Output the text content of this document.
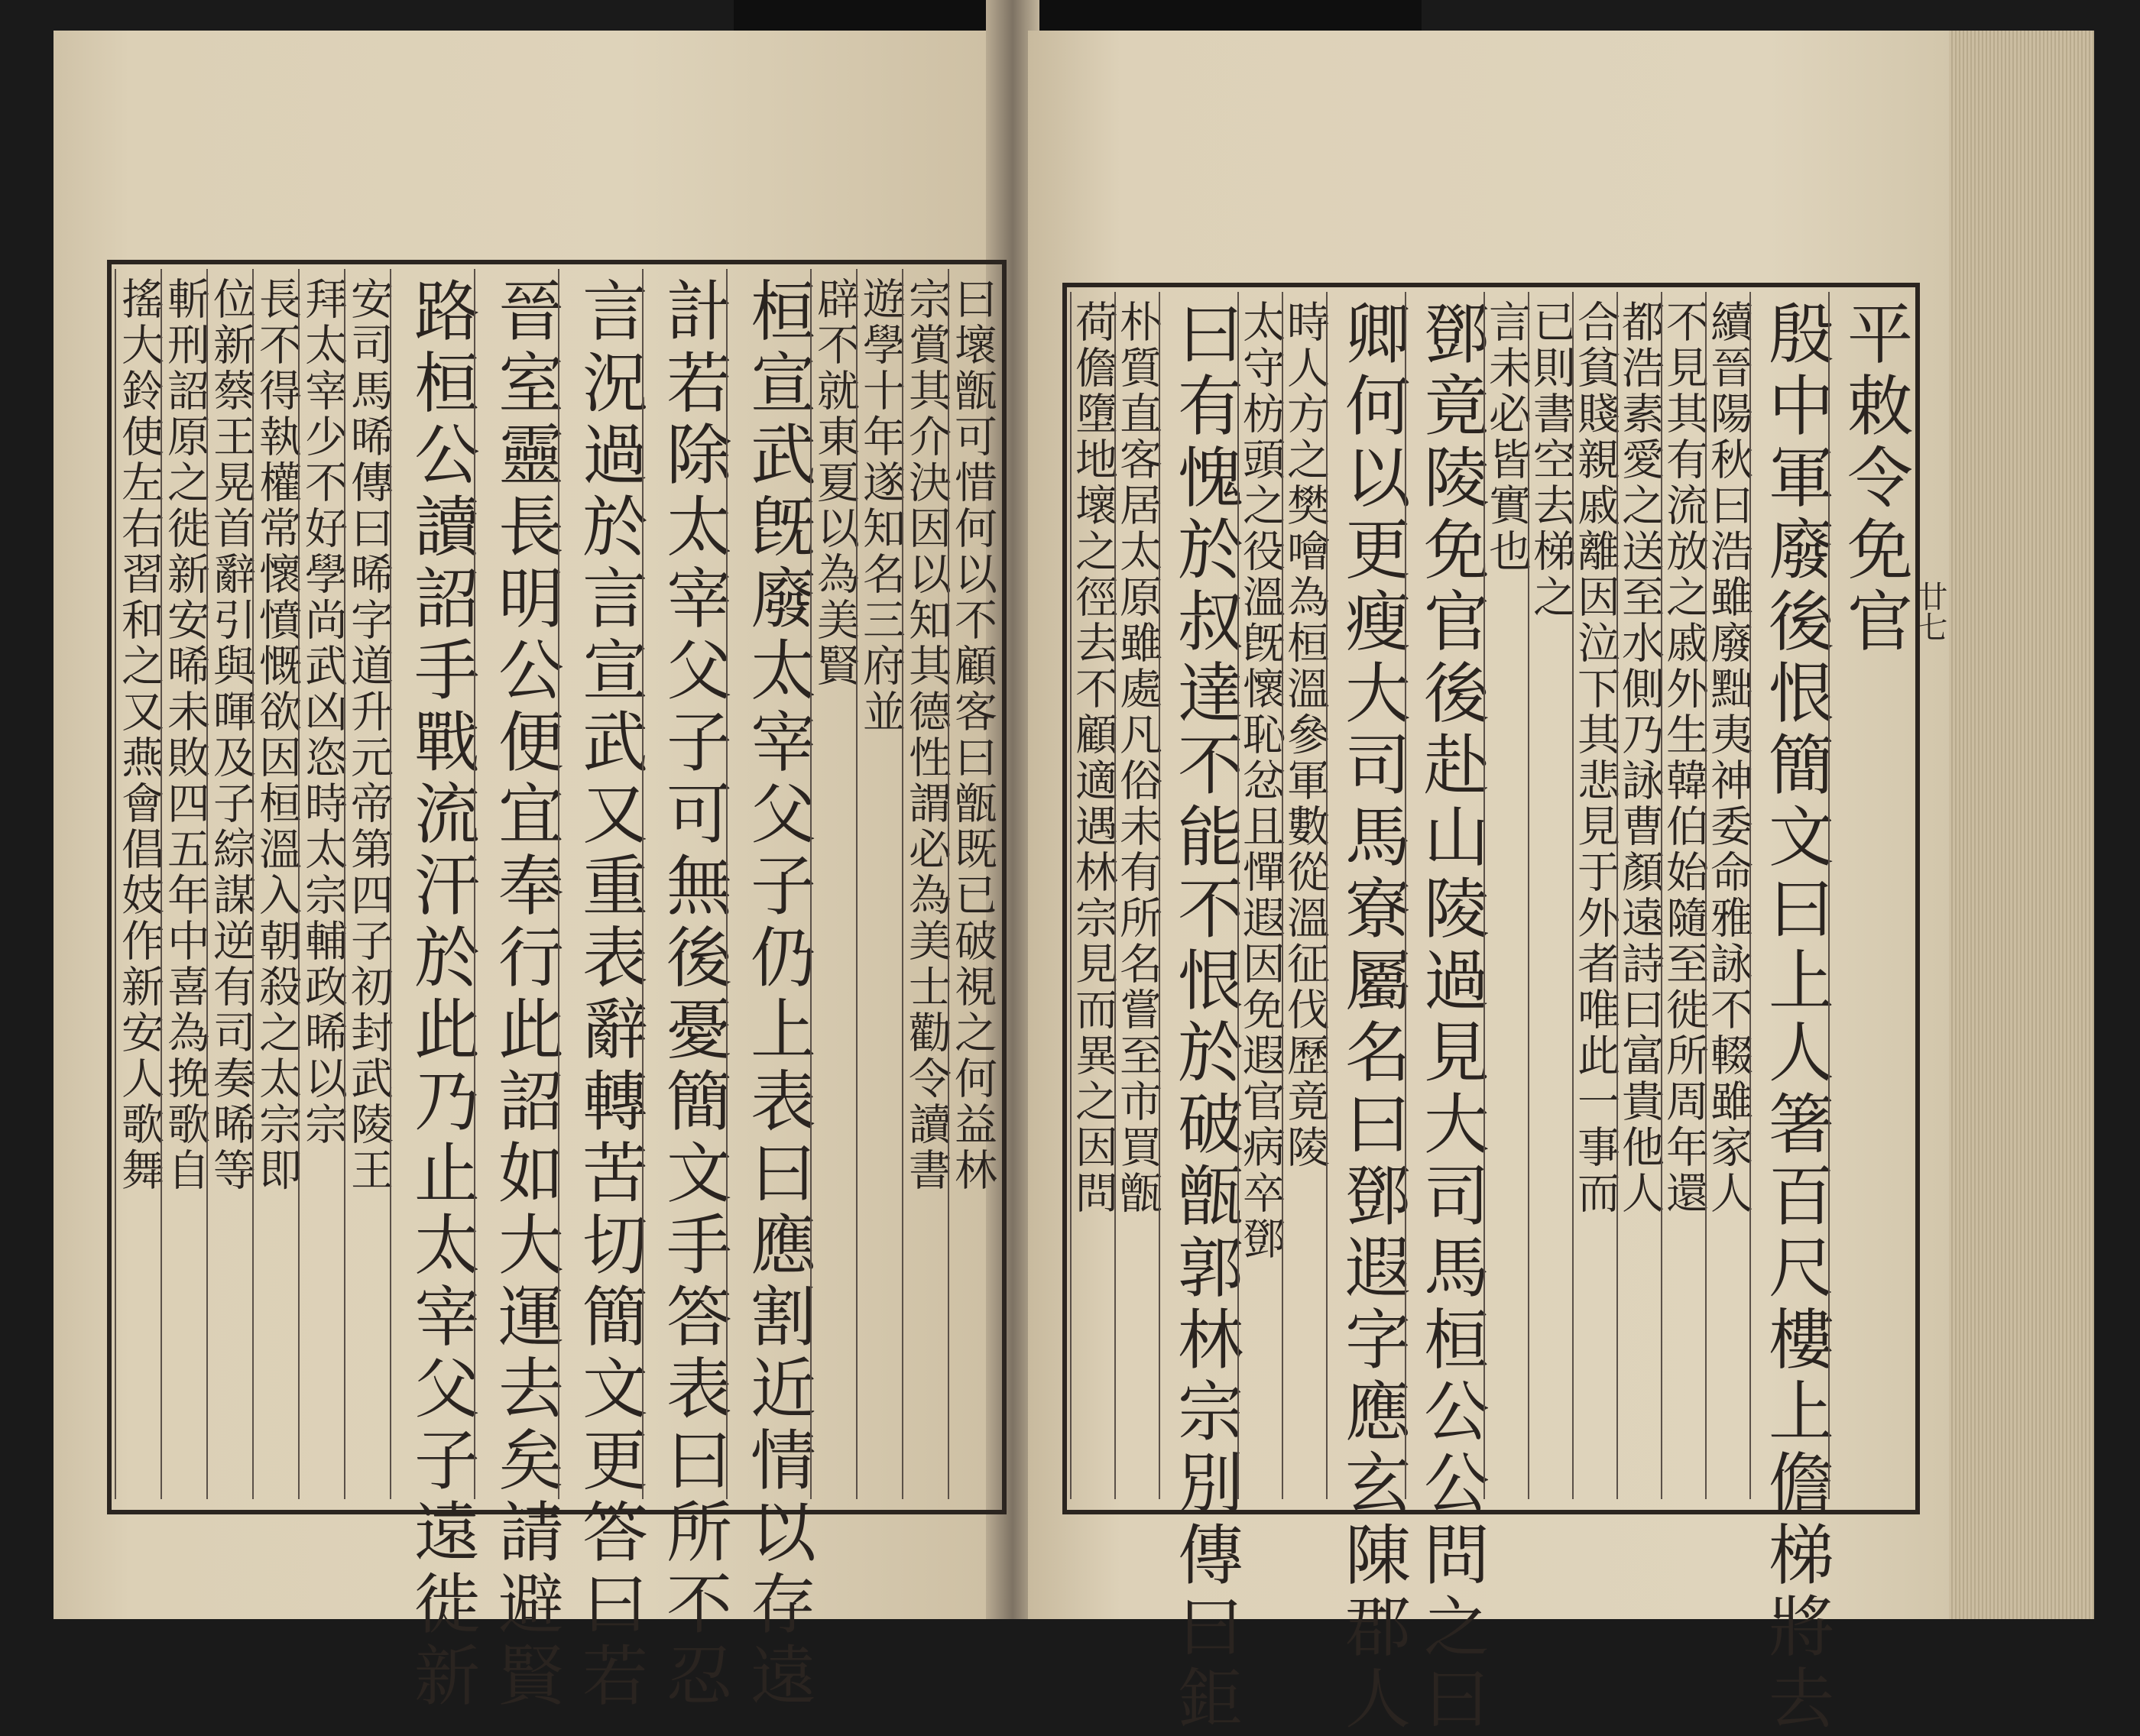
曰壞甑可惜何以不顧客曰甑既已破視之何益林
宗賞其介決因以知其德性謂必為美士勸令讀書
遊學十年遂知名三府並
辟不就東夏以為美賢
桓宣武旣廢太宰父子仍上表曰應割近情以存遠
計若除太宰父子可無後憂簡文手答表曰所不忍
言況過於言宣武又重表辭轉苦切簡文更答曰若
晉室靈長明公便宜奉行此詔如大運去矣請避賢
路桓公讀詔手戰流汗於此乃止太宰父子遠徙新
安司馬晞傳曰晞字道升元帝第四子初封武陵王
拜太宰少不好學尚武凶恣時太宗輔政晞以宗
長不得執權常懷憤慨欲因桓溫入朝殺之太宗即
位新蔡王晃首辭引與暉及子綜謀逆有司奏晞等
斬刑詔原之徙新安晞未敗四五年中喜為挽歌自
搖大鈴使左右習和之又燕會倡妓作新安人歌舞	平敕令免官
殷中軍廢後恨簡文曰上人箸百尺樓上儋梯將去
續晉陽秋曰浩雖廢黜夷神委命雅詠不輟雖家人
不見其有流放之戚外生韓伯始隨至徙所周年還
都浩素愛之送至水側乃詠曹顏遠詩曰富貴他人
合貧賤親戚離因泣下其悲見于外者唯此一事而
已則書空去梯之
言未必皆實也
鄧竟陵免官後赴山陵過見大司馬桓公公問之曰
卿何以更瘦大司馬寮屬名曰鄧遐字應玄陳郡人
時人方之樊噲為桓溫參軍數從溫征伐歷竟陵
太守枋頭之役溫旣懷恥忿且憚遐因免遐官病卒鄧
曰有愧於叔達不能不恨於破甑郭林宗別傳曰鉅
朴質直客居太原雖處凡俗未有所名嘗至市買甑
荷儋墮地壞之徑去不顧適遇林宗見而異之因問	廿七
